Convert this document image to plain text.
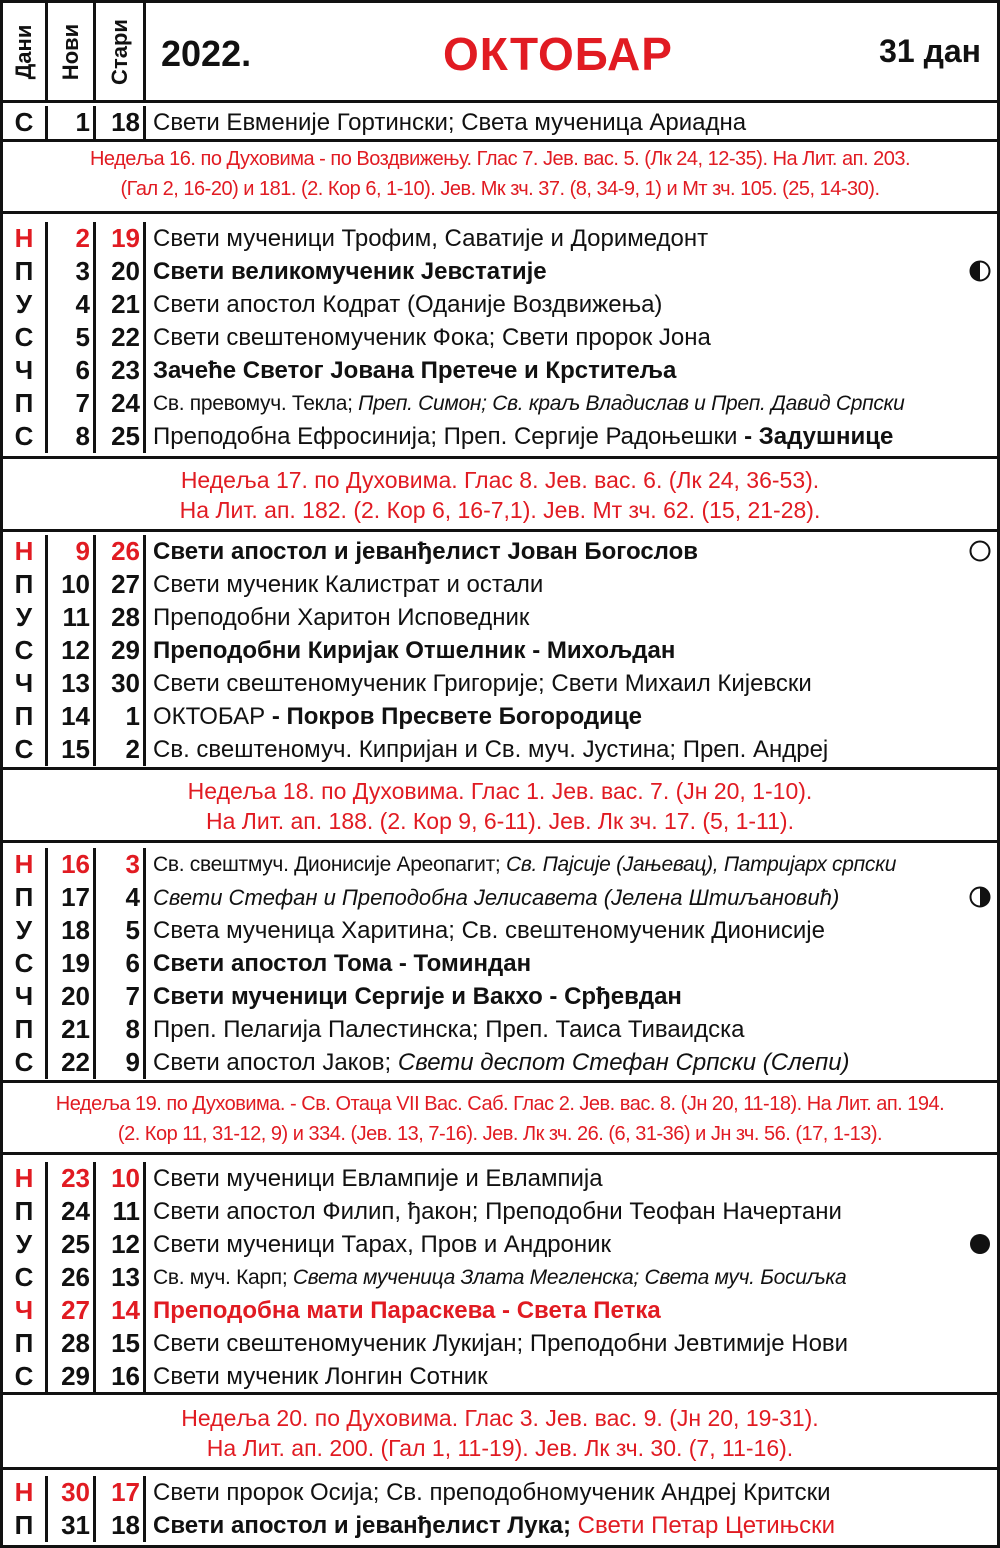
Дани Нови Стари 2022.	ОКТОБАР	31 дан
С	1 18 Свети Евменије Гортински; Света мученица Ариадна
Недеља 16. по Духовима - по Воздвижењу. Глас 7. Јев. вас. 5. (Лк 24, 12-35). На Лит. ап. 203.
(Гал 2, 16-20) и 181. (2. Кор 6, 1-10). Јев. Мк зч. 37. (8, 34-9, 1) и Мт зч. 105. (25, 14-30).
Н	2 19 Свети мученици Трофим, Саватије и Доримедонт
П	3 20 Свети великомученик Јевстатије
У	4 21 Свети апостол Кодрат (Оданије Воздвижења)
С	5 22 Свети свештеномученик Фока; Свети пророк Јона
Ч	6 23 Зачеће Светог Јована Претече и Крститеља
П	7 24 Св. превомуч. Текла; Преп. Симон; Св. краљ Владислав и Преп. Давид Српски
С	8 25 Преподобна Ефросинија; Преп. Сергије Радоњешки - Задушнице
Недеља 17. по Духовима. Глас 8. Јев. вас. 6. (Лк 24, 36-53).
На Лит. ап. 182. (2. Кор 6, 16-7,1). Јев. Мт зч. 62. (15, 21-28).
Н	9 26 Свети апостол и јеванђелист Јован Богослов
П	10 27 Свети мученик Калистрат и остали
У	11 28 Преподобни Харитон Исповедник
С	12 29 Преподобни Киријак Отшелник - Михољдан
Ч	13 30 Свети свештеномученик Григорије; Свети Михаил Кијевски
П	14	1 ОКТОБАР - Покров Пресвете Богородице
С	15	2 Св. свештеномуч. Кипријан и Св. муч. Јустина; Преп. Андреј
Недеља 18. по Духовима. Глас 1. Јев. вас. 7. (Јн 20, 1-10).
На Лит. ап. 188. (2. Кор 9, 6-11). Јев. Лк зч. 17. (5, 1-11).
Н	16	3 Св. свештмуч. Дионисије Ареопагит; Св. Пајсије (Јањевац), Патријарх српски
П	17	4 Свети Стефан и Преподобна Јелисавета (Јелена Штиљановић)
У	18	5 Света мученица Харитина; Св. свештеномученик Дионисије
С	19	6 Свети апостол Тома - Томиндан
Ч	20	7 Свети мученици Сергије и Вакхо - Срђевдан
П	21	8 Преп. Пелагија Палестинска; Преп. Таиса Тиваидска
С	22	9 Свети апостол Јаков; Свети деспот Стефан Српски (Слепи)
Недеља 19. по Духовима. - Св. Отаца VII Вас. Саб. Глас 2. Јев. вас. 8. (Јн 20, 11-18). На Лит. ап. 194.
(2. Кор 11, 31-12, 9) и 334. (Јев. 13, 7-16). Јев. Лк зч. 26. (6, 31-36) и Јн зч. 56. (17, 1-13).
Н	23 10 Свети мученици Евлампије и Евлампија
П	24 11 Свети апостол Филип, ђакон; Преподобни Теофан Начертани
У	25 12 Свети мученици Тарах, Пров и Андроник
С	26 13 Св. муч. Карп; Света мученица Злата Мегленска; Света муч. Босиљка
Ч	27 14 Преподобна мати Параскева - Света Петка
П	28 15 Свети свештеномученик Лукијан; Преподобни Јевтимије Нови
С	29 16 Свети мученик Лонгин Сотник
Недеља 20. по Духовима. Глас 3. Јев. вас. 9. (Јн 20, 19-31).
На Лит. ап. 200. (Гал 1, 11-19). Јев. Лк зч. 30. (7, 11-16).
Н	30 17 Свети пророк Осија; Св. преподобномученик Андреј Критски
П	31 18 Свети апостол и јеванђелист Лука; Свети Петар Цетињски
